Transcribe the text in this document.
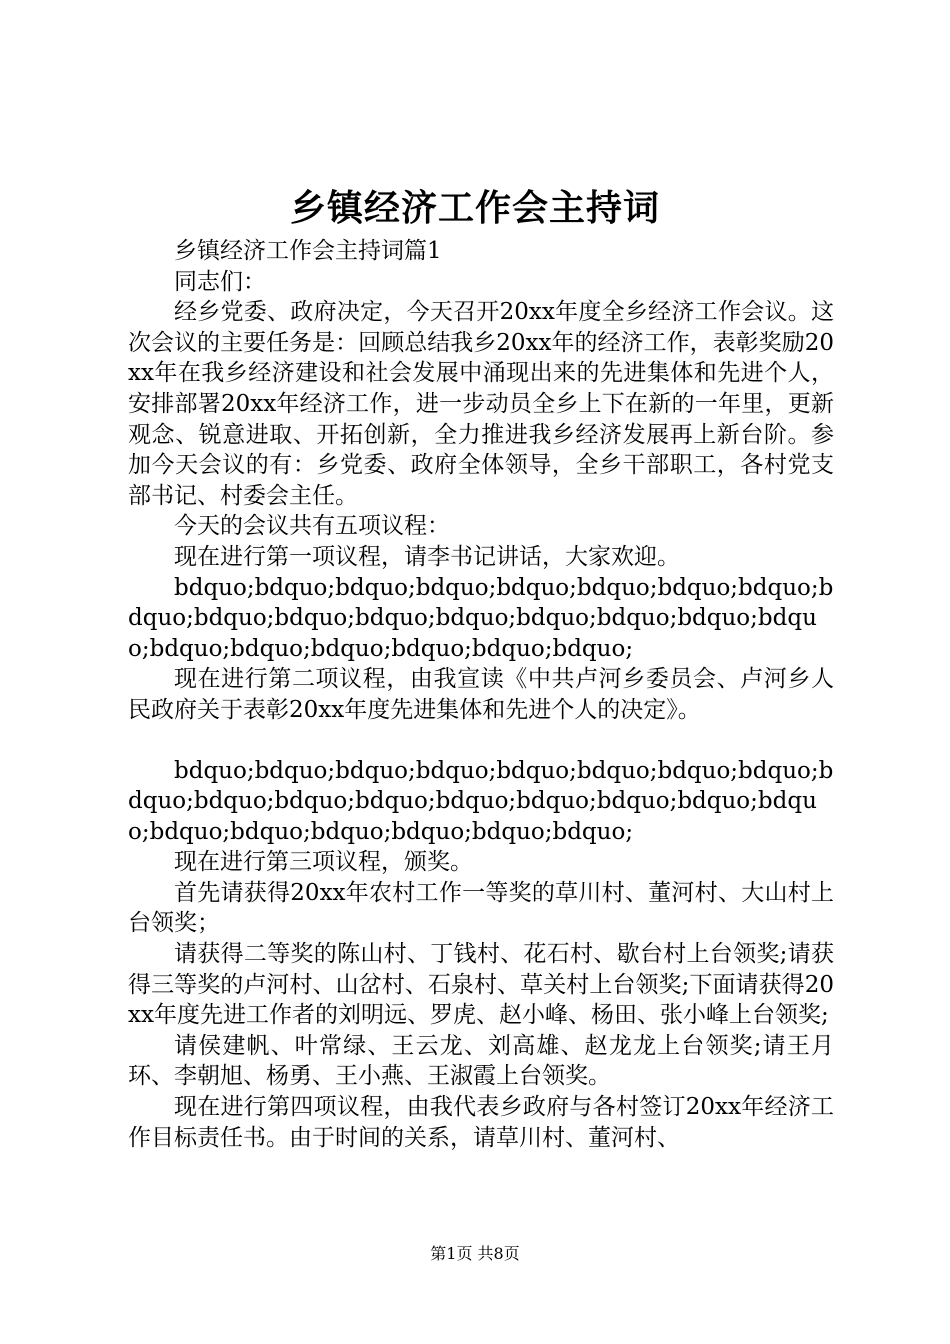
乡镇经济工作会主持词

乡镇经济工作会主持词篇1

同志们：

经乡党委、政府决定，今天召开20xx年度全乡经济工作会议。这次会议的主要任务是：回顾总结我乡20xx年的经济工作，表彰奖励20xx年在我乡经济建设和社会发展中涌现出来的先进集体和先进个人，安排部署20xx年经济工作，进一步动员全乡上下在新的一年里，更新观念、锐意进取、开拓创新，全力推进我乡经济发展再上新台阶。参加今天会议的有：乡党委、政府全体领导，全乡干部职工，各村党支部书记、村委会主任。

今天的会议共有五项议程：

现在进行第一项议程，请李书记讲话，大家欢迎。

bdquo;bdquo;bdquo;bdquo;bdquo;bdquo;bdquo;bdquo;bdquo;bdquo;bdquo;bdquo;bdquo;bdquo;bdquo;bdquo;bdquo;bdquo;bdquo;bdquo;bdquo;bdquo;bdquo;

现在进行第二项议程，由我宣读《中共卢河乡委员会、卢河乡人民政府关于表彰20xx年度先进集体和先进个人的决定》。

bdquo;bdquo;bdquo;bdquo;bdquo;bdquo;bdquo;bdquo;bdquo;bdquo;bdquo;bdquo;bdquo;bdquo;bdquo;bdquo;bdquo;bdquo;bdquo;bdquo;bdquo;bdquo;bdquo;

现在进行第三项议程，颁奖。

首先请获得20xx年农村工作一等奖的草川村、董河村、大山村上台领奖；

请获得二等奖的陈山村、丁钱村、花石村、歇台村上台领奖;请获得三等奖的卢河村、山岔村、石泉村、草关村上台领奖;下面请获得20xx年度先进工作者的刘明远、罗虎、赵小峰、杨田、张小峰上台领奖;

请侯建帆、叶常绿、王云龙、刘高雄、赵龙龙上台领奖;请王月环、李朝旭、杨勇、王小燕、王淑霞上台领奖。

现在进行第四项议程，由我代表乡政府与各村签订20xx年经济工作目标责任书。由于时间的关系，请草川村、董河村、

第1页 共8页
